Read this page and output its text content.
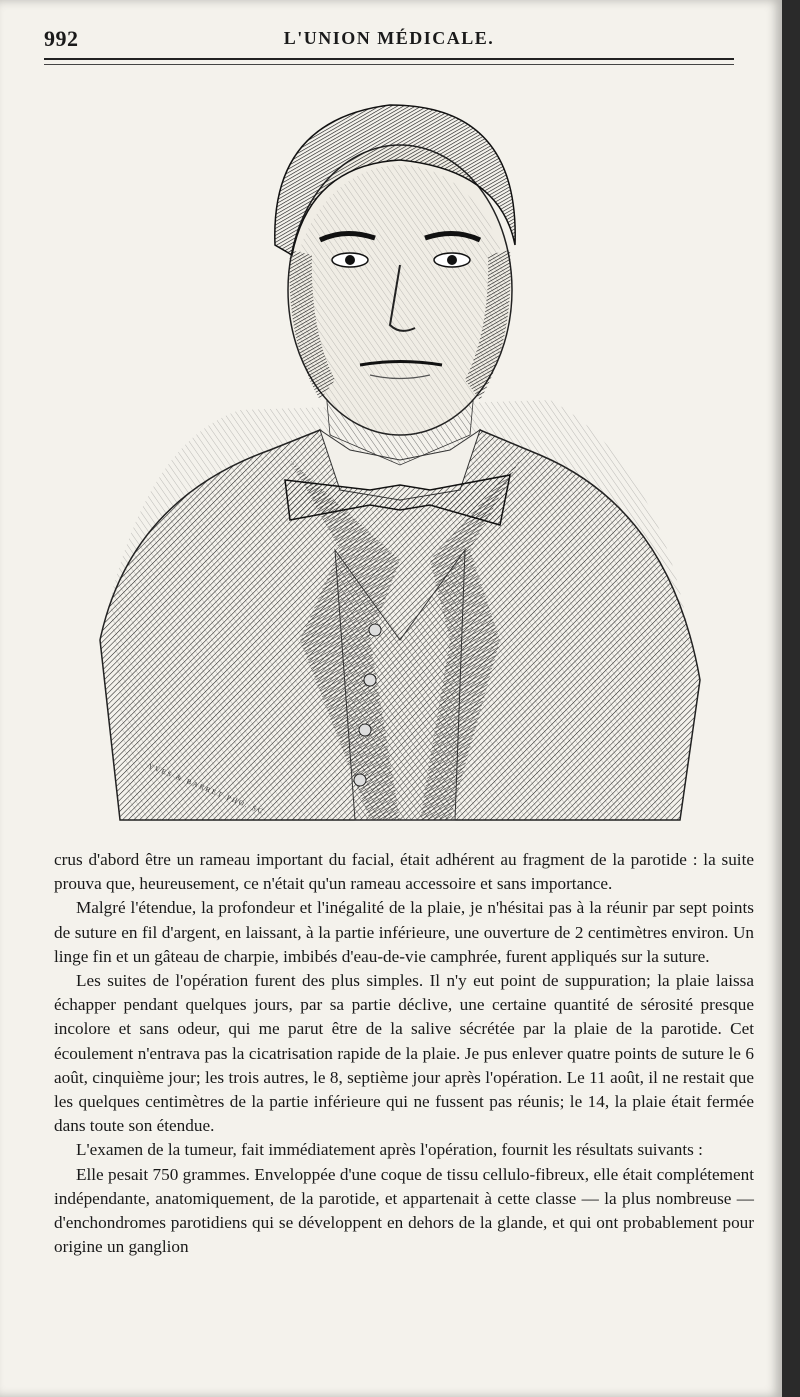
992	L'UNION MÉDICALE.
YVES & BARRET PHO. SC.

crus d'abord être un rameau important du facial, était adhérent au fragment de la parotide : la suite prouva que, heureusement, ce n'était qu'un rameau accessoire et sans importance.

Malgré l'étendue, la profondeur et l'inégalité de la plaie, je n'hésitai pas à la réunir par sept points de suture en fil d'argent, en laissant, à la partie inférieure, une ouverture de 2 centimètres environ. Un linge fin et un gâteau de charpie, imbibés d'eau-de-vie camphrée, furent appliqués sur la suture.

Les suites de l'opération furent des plus simples. Il n'y eut point de suppuration; la plaie laissa échapper pendant quelques jours, par sa partie déclive, une certaine quantité de sérosité presque incolore et sans odeur, qui me parut être de la salive sécrétée par la plaie de la parotide. Cet écoulement n'entrava pas la cicatrisation rapide de la plaie. Je pus enlever quatre points de suture le 6 août, cinquième jour; les trois autres, le 8, septième jour après l'opération. Le 11 août, il ne restait que les quelques centimètres de la partie inférieure qui ne fussent pas réunis; le 14, la plaie était fermée dans toute son étendue.

L'examen de la tumeur, fait immédiatement après l'opération, fournit les résultats suivants :

Elle pesait 750 grammes. Enveloppée d'une coque de tissu cellulo-fibreux, elle était complétement indépendante, anatomiquement, de la parotide, et appartenait à cette classe — la plus nombreuse — d'enchondromes parotidiens qui se développent en dehors de la glande, et qui ont probablement pour origine un ganglion
